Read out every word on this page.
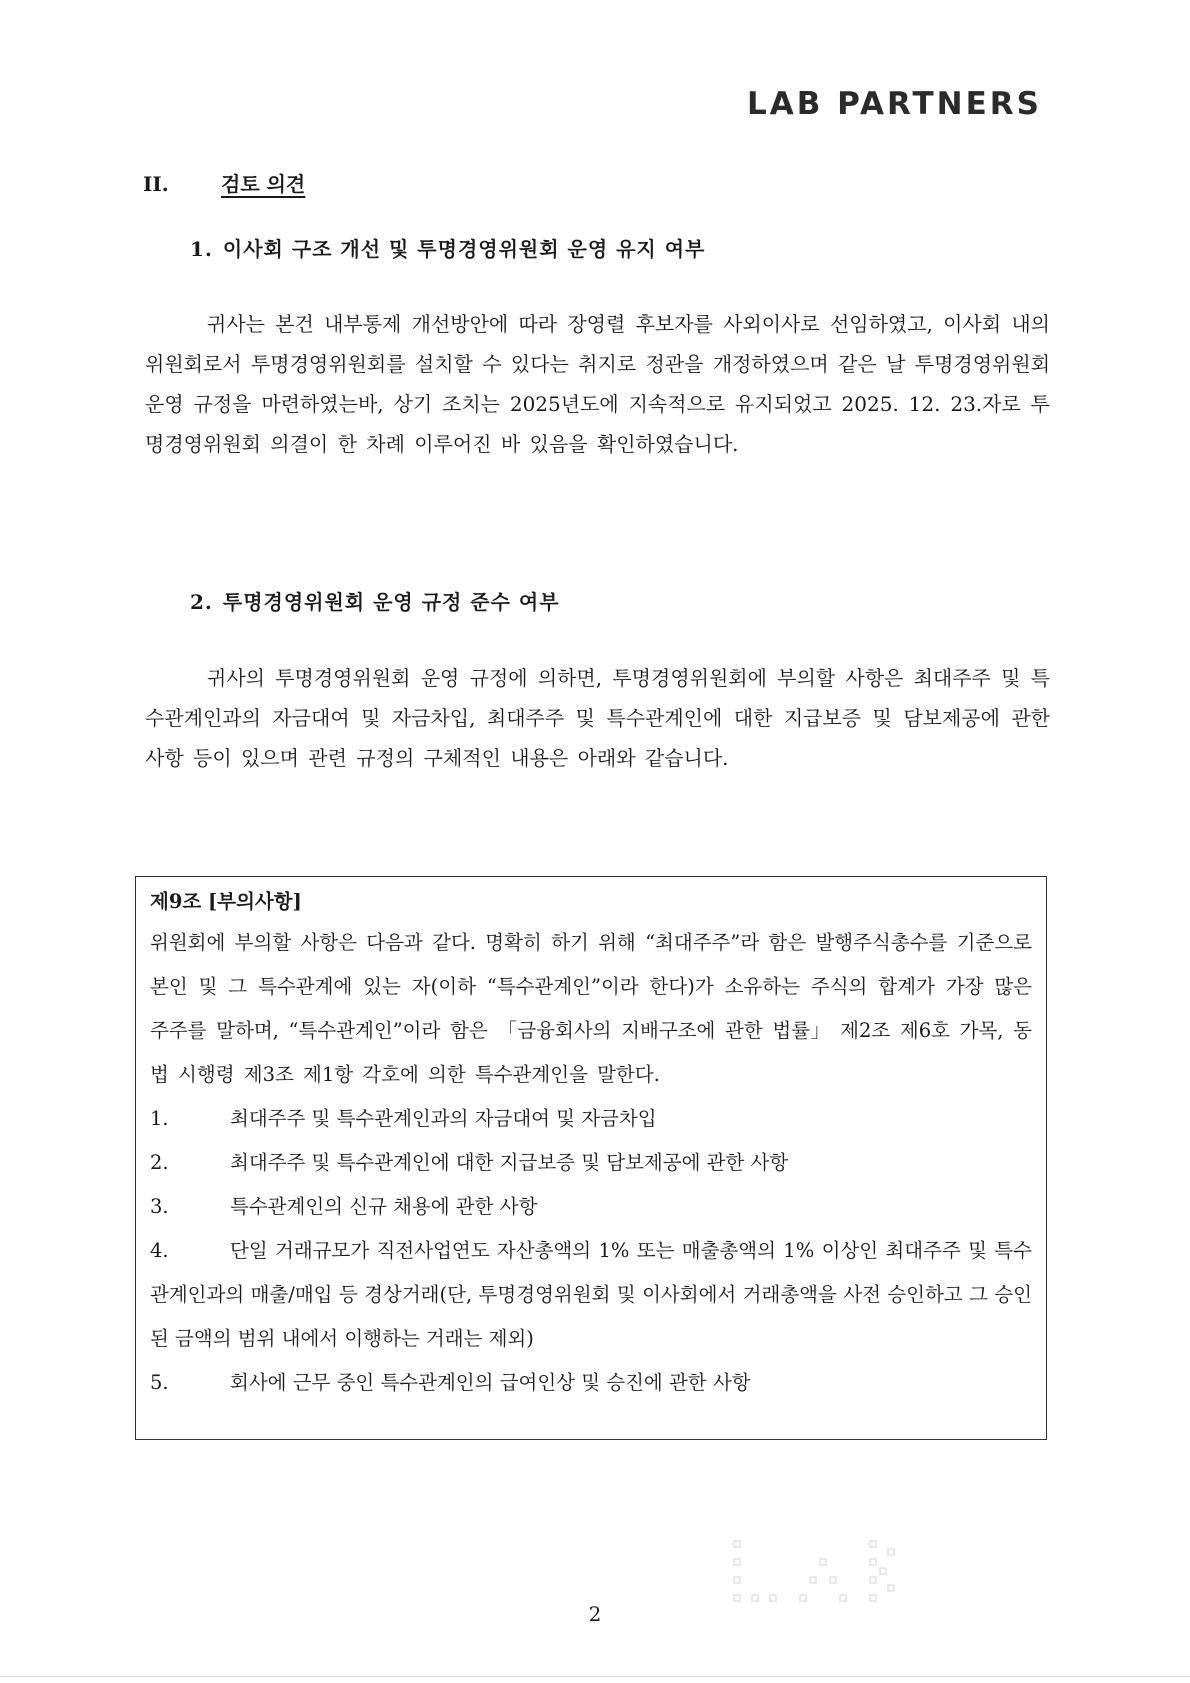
LAB PARTNERS
II.	검토 의견
1. 이사회 구조 개선 및 투명경영위원회 운영 유지 여부
귀사는 본건 내부통제 개선방안에 따라 장영렬 후보자를 사외이사로 선임하였고, 이사회 내의 위원회로서 투명경영위원회를 설치할 수 있다는 취지로 정관을 개정하였으며 같은 날 투명경영위원회 운영 규정을 마련하였는바, 상기 조치는 2025년도에 지속적으로 유지되었고 2025. 12. 23.자로 투명경영위원회 의결이 한 차례 이루어진 바 있음을 확인하였습니다.
2. 투명경영위원회 운영 규정 준수 여부
귀사의 투명경영위원회 운영 규정에 의하면, 투명경영위원회에 부의할 사항은 최대주주 및 특수관계인과의 자금대여 및 자금차입, 최대주주 및 특수관계인에 대한 지급보증 및 담보제공에 관한 사항 등이 있으며 관련 규정의 구체적인 내용은 아래와 같습니다.
제9조 [부의사항]
위원회에 부의할 사항은 다음과 같다. 명확히 하기 위해 “최대주주”라 함은 발행주식총수를 기준으로 본인 및 그 특수관계에 있는 자(이하 “특수관계인”이라 한다)가 소유하는 주식의 합계가 가장 많은 주주를 말하며, “특수관계인”이라 함은 「금융회사의 지배구조에 관한 법률」 제2조 제6호 가목, 동법 시행령 제3조 제1항 각호에 의한 특수관계인을 말한다.
1.	최대주주 및 특수관계인과의 자금대여 및 자금차입
2.	최대주주 및 특수관계인에 대한 지급보증 및 담보제공에 관한 사항
3.	특수관계인의 신규 채용에 관한 사항
4.	단일 거래규모가 직전사업연도 자산총액의 1% 또는 매출총액의 1% 이상인 최대주주 및 특수관계인과의 매출/매입 등 경상거래(단, 투명경영위원회 및 이사회에서 거래총액을 사전 승인하고 그 승인된 금액의 범위 내에서 이행하는 거래는 제외)
5.	회사에 근무 중인 특수관계인의 급여인상 및 승진에 관한 사항
2
